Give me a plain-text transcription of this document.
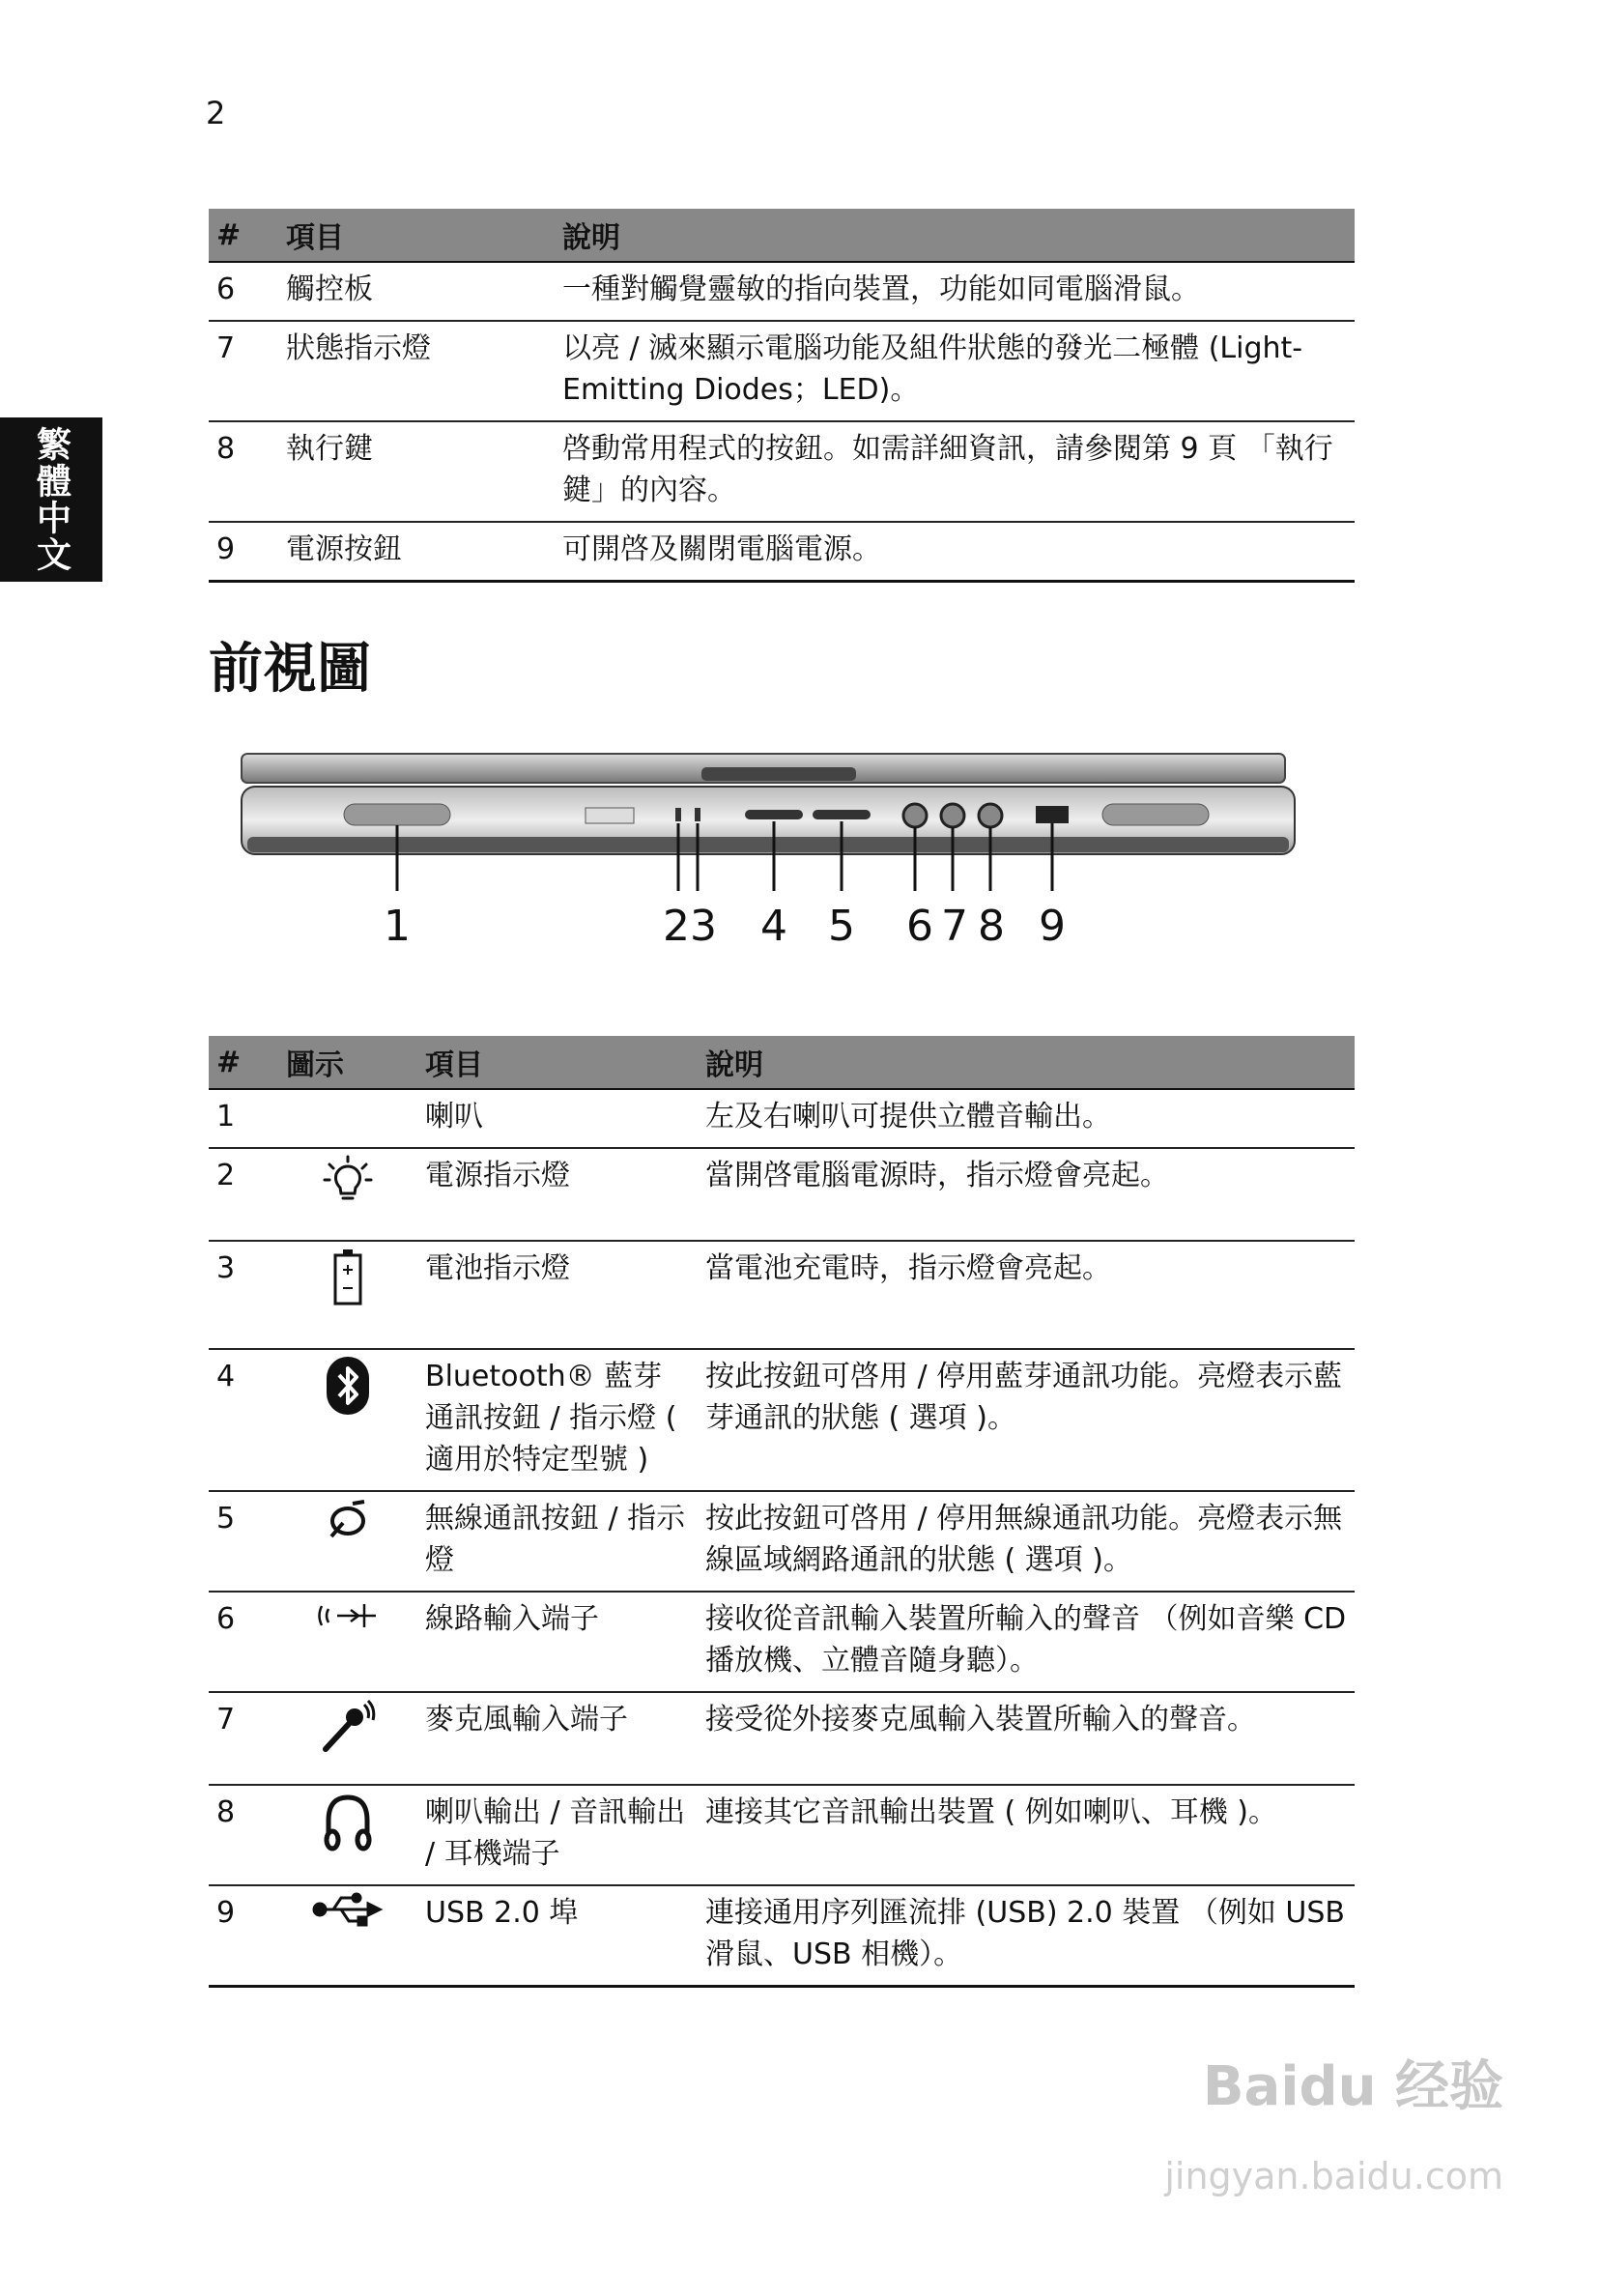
2
繁體中文
#	項目	說明
6	觸控板	一種對觸覺靈敏的指向裝置，功能如同電腦滑鼠。
7	狀態指示燈	以亮 / 滅來顯示電腦功能及組件狀態的發光二極體 (Light-Emitting Diodes；LED)。
8	執行鍵	啓動常用程式的按鈕。如需詳細資訊，請參閱第 9 頁 「執行鍵」的內容。
9	電源按鈕	可開啓及關閉電腦電源。
前視圖
1	2 3 4 5 6 7 8 9
#	圖示	項目	說明
1		喇叭	左及右喇叭可提供立體音輸出。
2		電源指示燈	當開啓電腦電源時，指示燈會亮起。
3		電池指示燈	當電池充電時，指示燈會亮起。
4		Bluetooth® 藍芽通訊按鈕 / 指示燈 ( 適用於特定型號 )	按此按鈕可啓用 / 停用藍芽通訊功能。亮燈表示藍芽通訊的狀態 ( 選項 )。
5		無線通訊按鈕 / 指示燈	按此按鈕可啓用 / 停用無線通訊功能。亮燈表示無線區域網路通訊的狀態 ( 選項 )。
6		線路輸入端子	接收從音訊輸入裝置所輸入的聲音 （例如音樂 CD 播放機、立體音隨身聽）。
7		麥克風輸入端子	接受從外接麥克風輸入裝置所輸入的聲音。
8		喇叭輸出 / 音訊輸出 / 耳機端子	連接其它音訊輸出裝置 ( 例如喇叭、耳機 )。
9		USB 2.0 埠	連接通用序列匯流排 (USB) 2.0 裝置 （例如 USB 滑鼠、USB 相機）。
Baidu 经验
jingyan.baidu.com
